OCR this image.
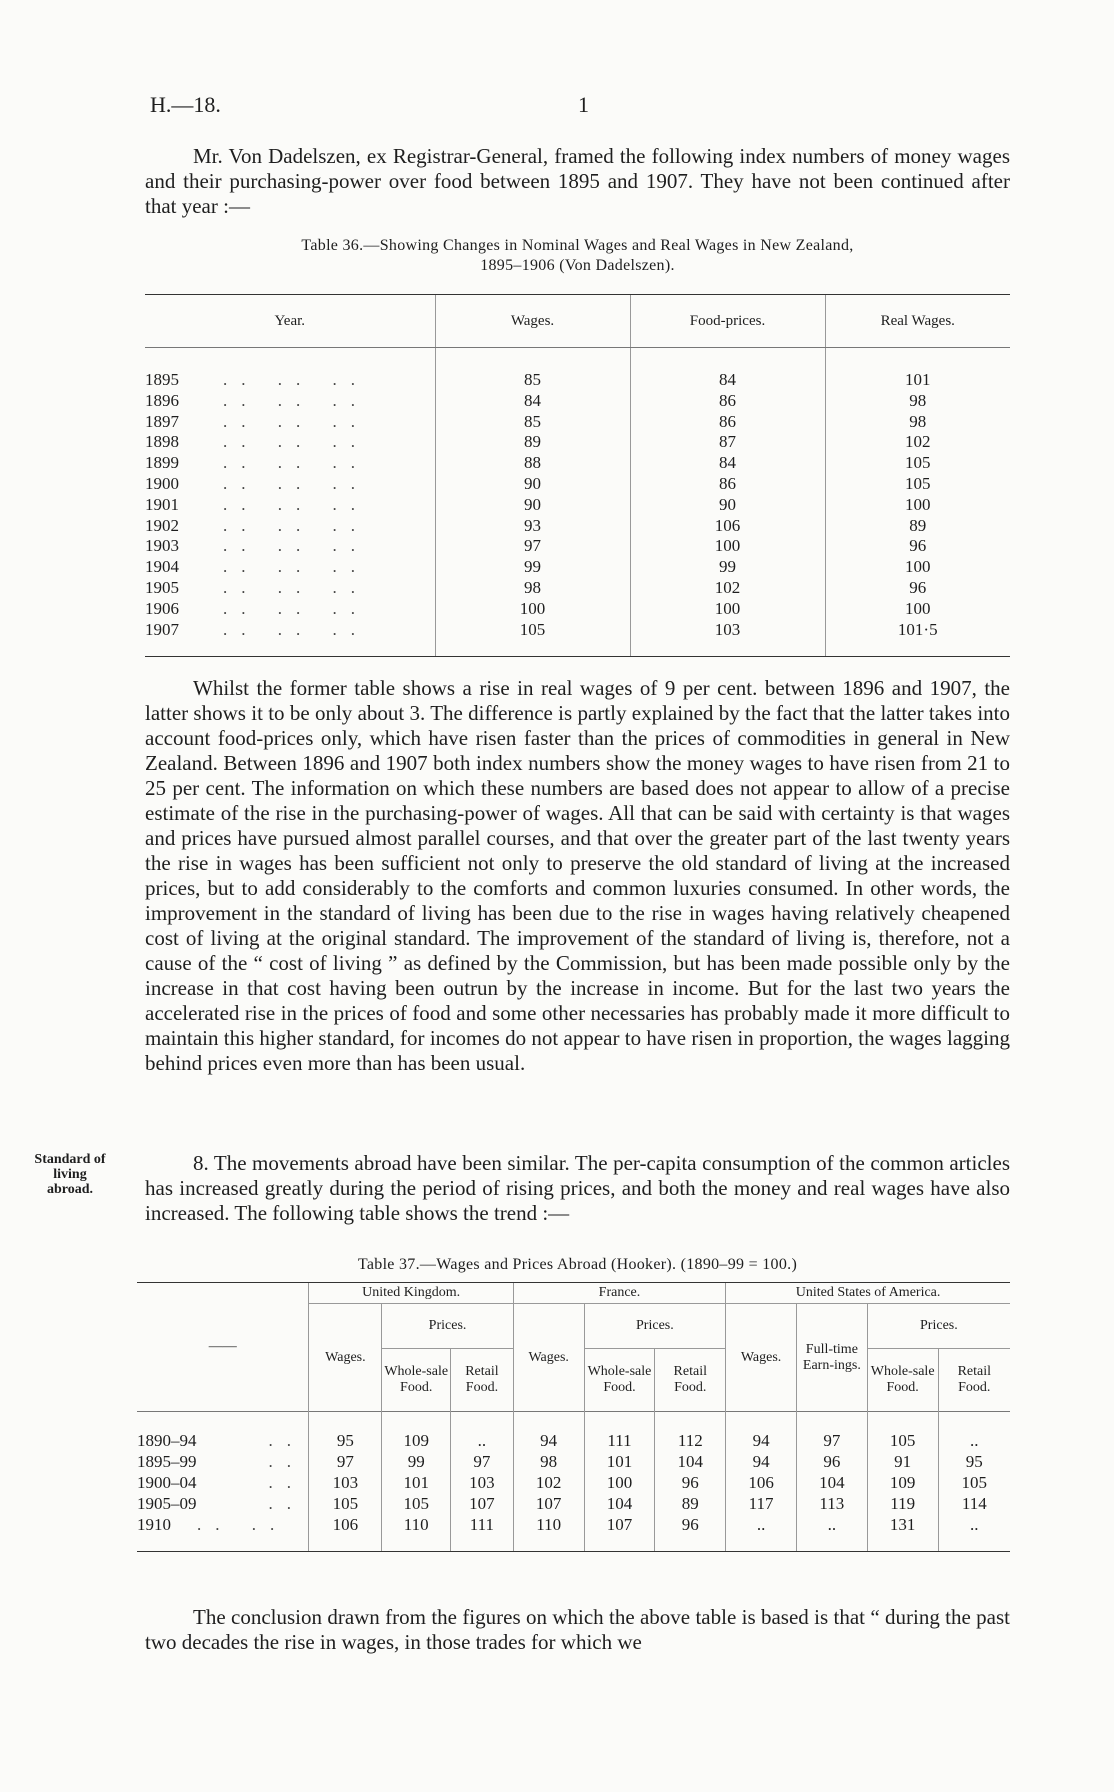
H.—18.	1

Mr. Von Dadelszen, ex Registrar-General, framed the following index numbers of money wages and their purchasing-power over food between 1895 and 1907. They have not been continued after that year :—

Table 36.—Showing Changes in Nominal Wages and Real Wages in New Zealand,
1895–1906 (Von Dadelszen).
Year.	Wages.	Food-prices.	Real Wages.

1895 .. .. ..	85	84	101
1896 .. .. ..	84	86	98
1897 .. .. ..	85	86	98
1898 .. .. ..	89	87	102
1899 .. .. ..	88	84	105
1900 .. .. ..	90	86	105
1901 .. .. ..	90	90	100
1902 .. .. ..	93	106	89
1903 .. .. ..	97	100	96
1904 .. .. ..	99	99	100
1905 .. .. ..	98	102	96
1906 .. .. ..	100	100	100
1907 .. .. ..	105	103	101·5

Whilst the former table shows a rise in real wages of 9 per cent. between 1896 and 1907, the latter shows it to be only about 3. The difference is partly explained by the fact that the latter takes into account food-prices only, which have risen faster than the prices of commodities in general in New Zealand. Between 1896 and 1907 both index numbers show the money wages to have risen from 21 to 25 per cent. The information on which these numbers are based does not appear to allow of a precise estimate of the rise in the purchasing-power of wages. All that can be said with certainty is that wages and prices have pursued almost parallel courses, and that over the greater part of the last twenty years the rise in wages has been sufficient not only to preserve the old standard of living at the increased prices, but to add considerably to the comforts and common luxuries consumed. In other words, the improvement in the standard of living has been due to the rise in wages having relatively cheapened cost of living at the original standard. The improvement of the standard of living is, therefore, not a cause of the “ cost of living ” as defined by the Commission, but has been made possible only by the increase in that cost having been outrun by the increase in income. But for the last two years the accelerated rise in the prices of food and some other necessaries has probably made it more difficult to maintain this higher standard, for incomes do not appear to have risen in proportion, the wages lagging behind prices even more than has been usual.

Standard of living abroad.

8. The movements abroad have been similar. The per-capita consumption of the common articles has increased greatly during the period of rising prices, and both the money and real wages have also increased. The following table shows the trend :—

Table 37.—Wages and Prices Abroad (Hooker). (1890–99 = 100.)
——	United Kingdom.			France.			United States of America.			
	Wages.	Prices.		Wages.	Prices.		Wages.	Full-time Earn-ings.	Prices.	
		Whole-sale Food.	Retail Food.		Whole-sale Food.	Retail Food.			Whole-sale Food.	Retail Food.

1890–94 ..	95	109	..	94	111	112	94	97	105	..
1895–99 ..	97	99	97	98	101	104	94	96	91	95
1900–04 ..	103	101	103	102	100	96	106	104	109	105
1905–09 ..	105	105	107	107	104	89	117	113	119	114
1910 .. ..	106	110	111	110	107	96	..	..	131	..

The conclusion drawn from the figures on which the above table is based is that “ during the past two decades the rise in wages, in those trades for which we
